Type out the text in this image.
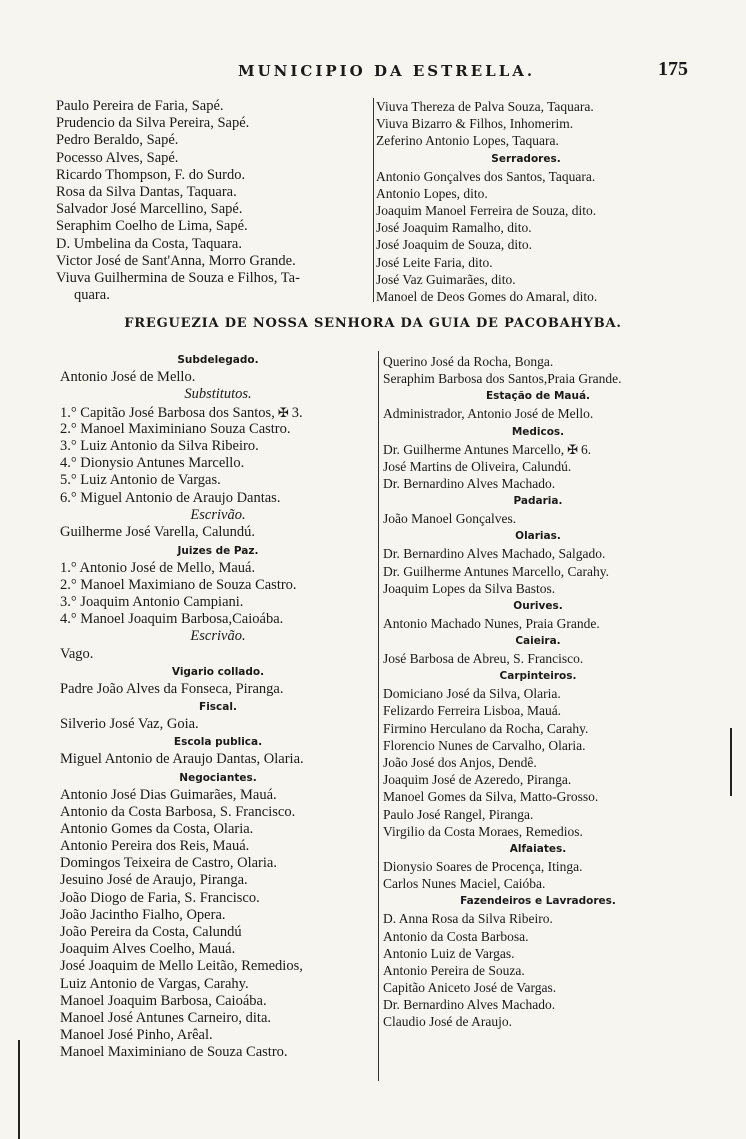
MUNICIPIO DA ESTRELLA.	175
Paulo Pereira de Faria, Sapé.
Prudencio da Silva Pereira, Sapé.
Pedro Beraldo, Sapé.
Pocesso Alves, Sapé.
Ricardo Thompson, F. do Surdo.
Rosa da Silva Dantas, Taquara.
Salvador José Marcellino, Sapé.
Seraphim Coelho de Lima, Sapé.
D. Umbelina da Costa, Taquara.
Victor José de Sant'Anna, Morro Grande.
Viuva Guilhermina de Souza e Filhos, Ta-
quara.
Viuva Thereza de Palva Souza, Taquara.
Viuva Bizarro & Filhos, Inhomerim.
Zeferino Antonio Lopes, Taquara.
Serradores.
Antonio Gonçalves dos Santos, Taquara.
Antonio Lopes, dito.
Joaquim Manoel Ferreira de Souza, dito.
José Joaquim Ramalho, dito.
José Joaquim de Souza, dito.
José Leite Faria, dito.
José Vaz Guimarães, dito.
Manoel de Deos Gomes do Amaral, dito.
FREGUEZIA DE NOSSA SENHORA DA GUIA DE PACOBAHYBA.
Subdelegado.
Antonio José de Mello.
Substitutos.
1.° Capitão José Barbosa dos Santos, ✠ 3.
2.° Manoel Maximiniano Souza Castro.
3.° Luiz Antonio da Silva Ribeiro.
4.° Dionysio Antunes Marcello.
5.° Luiz Antonio de Vargas.
6.° Miguel Antonio de Araujo Dantas.
Escrivão.
Guilherme José Varella, Calundú.
Juizes de Paz.
1.° Antonio José de Mello, Mauá.
2.° Manoel Maximiano de Souza Castro.
3.° Joaquim Antonio Campiani.
4.° Manoel Joaquim Barbosa,Caioába.
Escrivão.
Vago.
Vigario collado.
Padre João Alves da Fonseca, Piranga.
Fiscal.
Silverio José Vaz, Goia.
Escola publica.
Miguel Antonio de Araujo Dantas, Olaria.
Negociantes.
Antonio José Dias Guimarães, Mauá.
Antonio da Costa Barbosa, S. Francisco.
Antonio Gomes da Costa, Olaria.
Antonio Pereira dos Reis, Mauá.
Domingos Teixeira de Castro, Olaria.
Jesuino José de Araujo, Piranga.
João Diogo de Faria, S. Francisco.
João Jacintho Fialho, Opera.
João Pereira da Costa, Calundú
Joaquim Alves Coelho, Mauá.
José Joaquim de Mello Leitão, Remedios,
Luiz Antonio de Vargas, Carahy.
Manoel Joaquim Barbosa, Caioába.
Manoel José Antunes Carneiro, dita.
Manoel José Pinho, Arêal.
Manoel Maximiniano de Souza Castro.
Querino José da Rocha, Bonga.
Seraphim Barbosa dos Santos,Praia Grande.
Estação de Mauá.
Administrador, Antonio José de Mello.
Medicos.
Dr. Guilherme Antunes Marcello, ✠ 6.
José Martins de Oliveira, Calundú.
Dr. Bernardino Alves Machado.
Padaria.
João Manoel Gonçalves.
Olarias.
Dr. Bernardino Alves Machado, Salgado.
Dr. Guilherme Antunes Marcello, Carahy.
Joaquim Lopes da Silva Bastos.
Ourives.
Antonio Machado Nunes, Praia Grande.
Caieira.
José Barbosa de Abreu, S. Francisco.
Carpinteiros.
Domiciano José da Silva, Olaria.
Felizardo Ferreira Lisboa, Mauá.
Firmino Herculano da Rocha, Carahy.
Florencio Nunes de Carvalho, Olaria.
João José dos Anjos, Dendê.
Joaquim José de Azeredo, Piranga.
Manoel Gomes da Silva, Matto-Grosso.
Paulo José Rangel, Piranga.
Virgilio da Costa Moraes, Remedios.
Alfaiates.
Dionysio Soares de Procença, Itinga.
Carlos Nunes Maciel, Caióba.
Fazendeiros e Lavradores.
D. Anna Rosa da Silva Ribeiro.
Antonio da Costa Barbosa.
Antonio Luiz de Vargas.
Antonio Pereira de Souza.
Capitão Aniceto José de Vargas.
Dr. Bernardino Alves Machado.
Claudio José de Araujo.
